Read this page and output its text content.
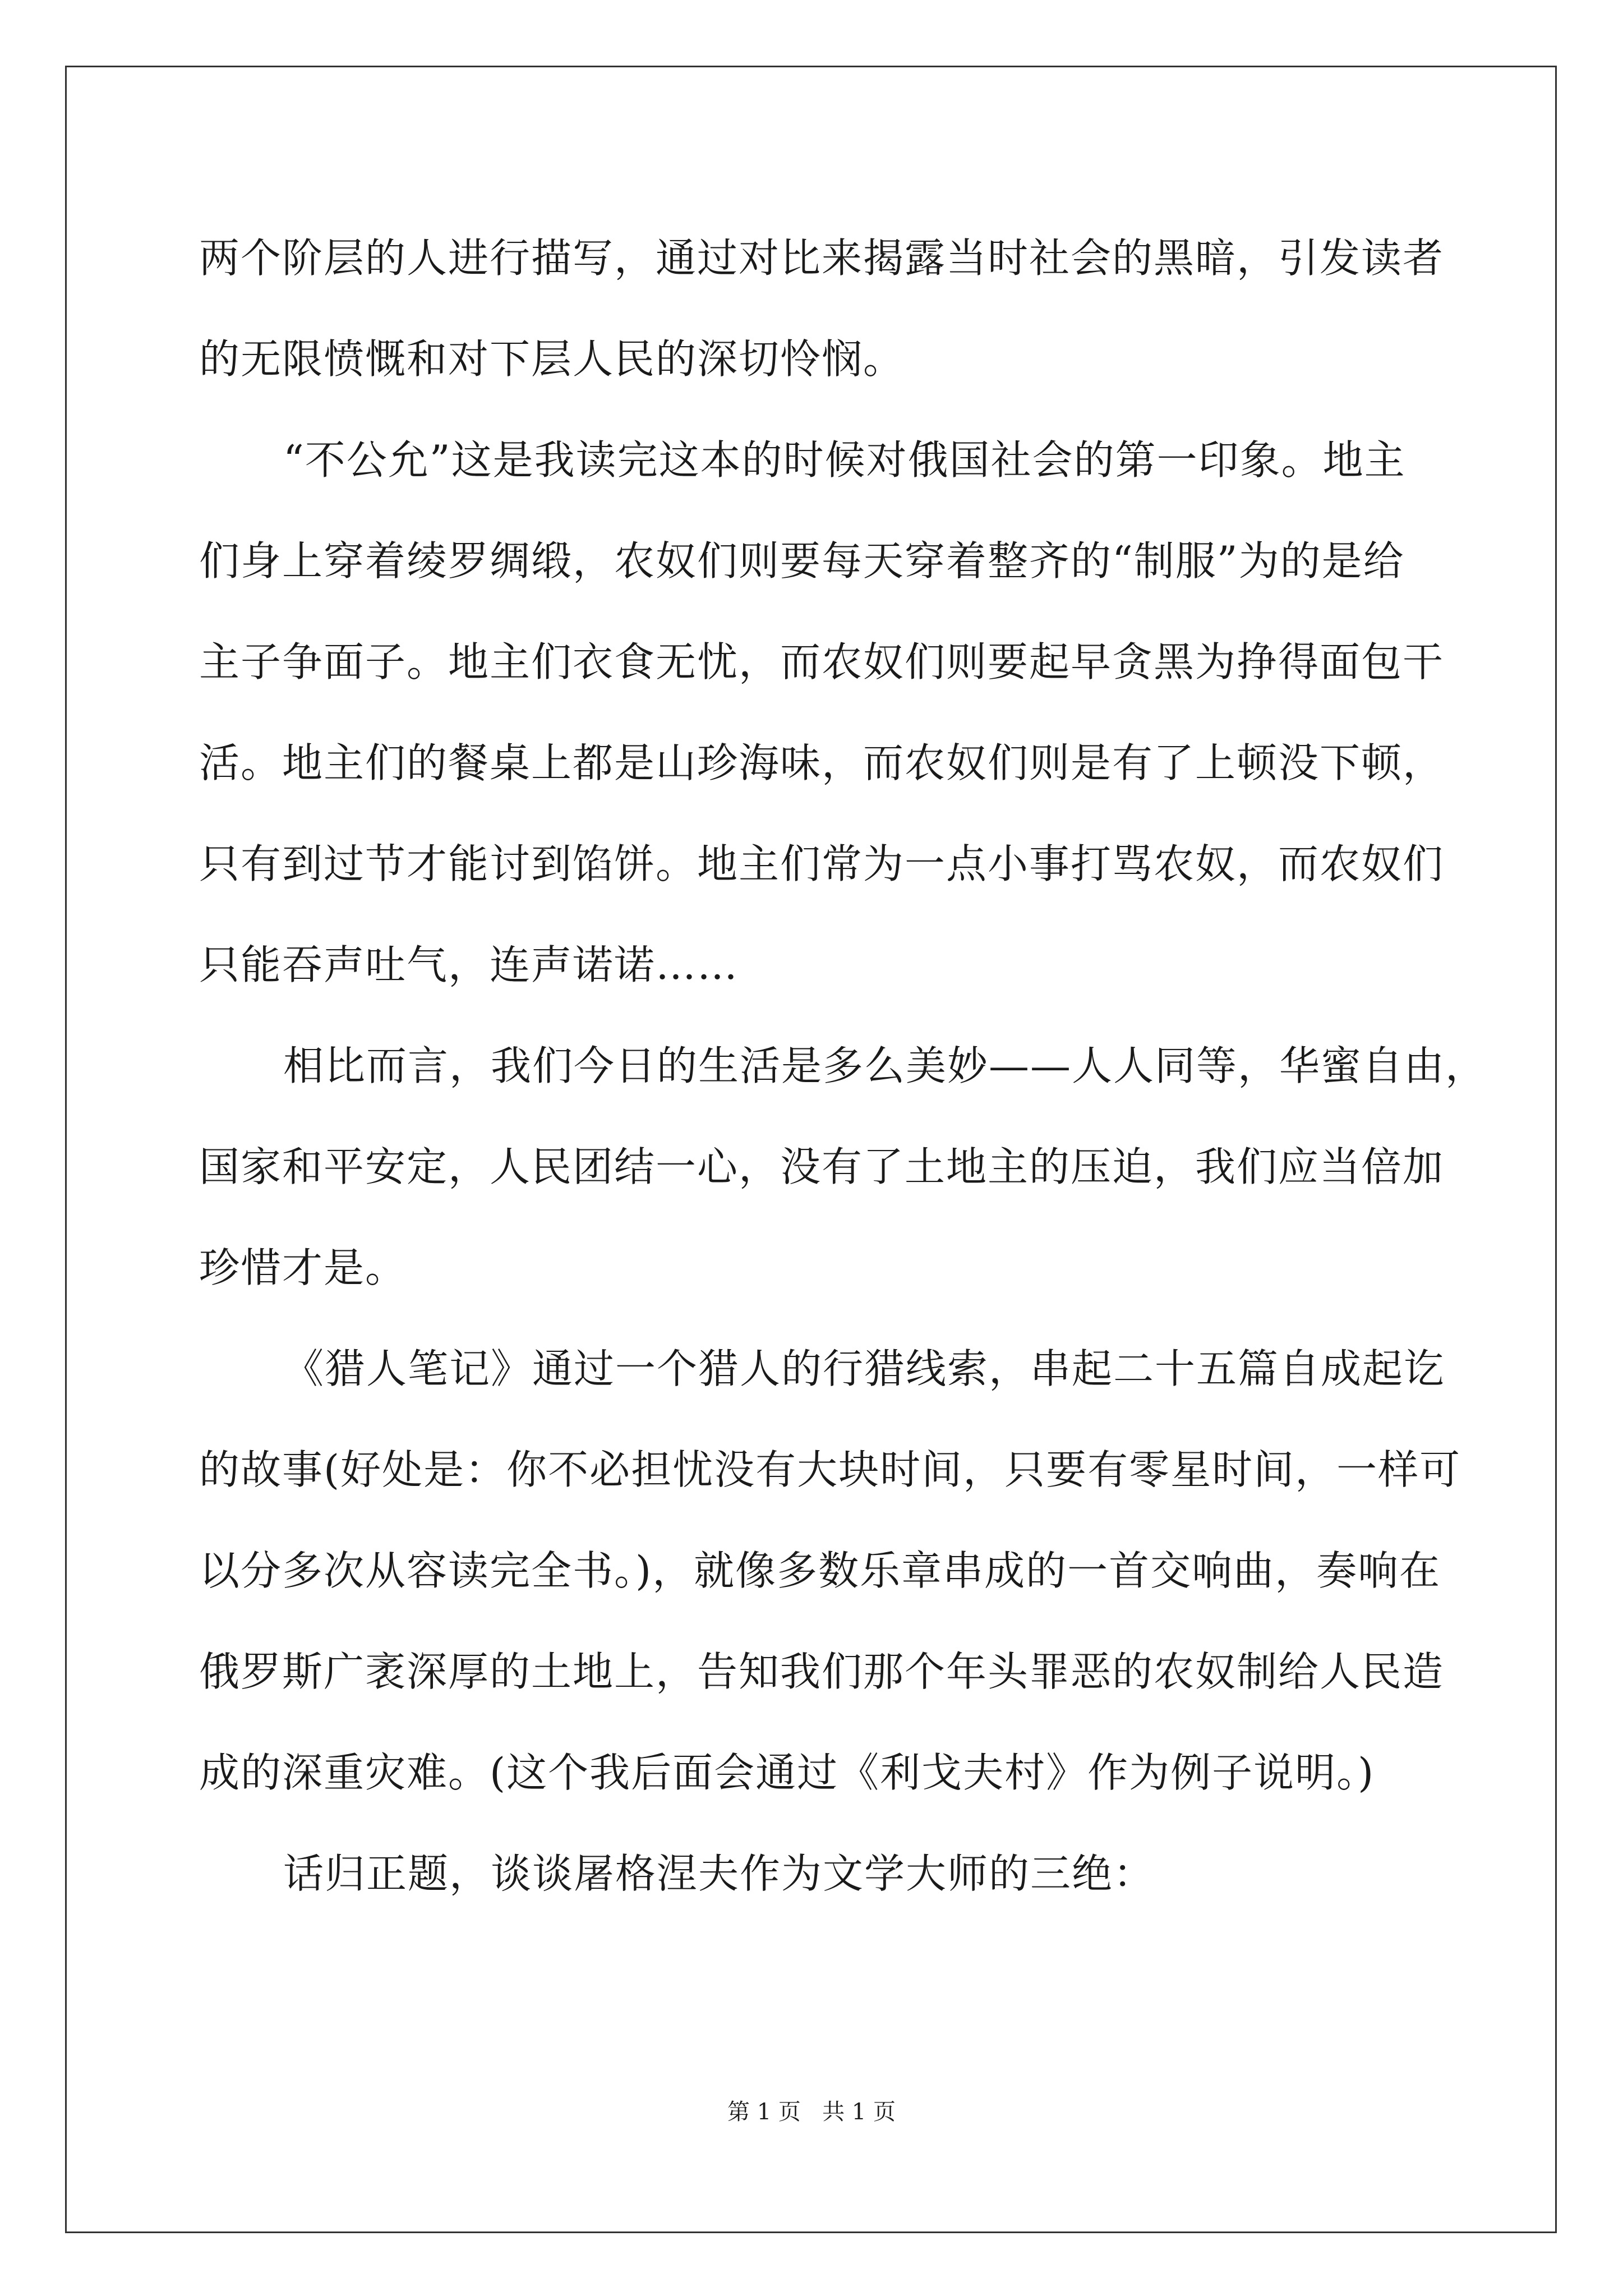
两个阶层的人进行描写，通过对比来揭露当时社会的黑暗，引发读者
的无限愤慨和对下层人民的深切怜悯。
“不公允”这是我读完这本的时候对俄国社会的第一印象。地主
们身上穿着绫罗绸缎，农奴们则要每天穿着整齐的“制服”为的是给
主子争面子。地主们衣食无忧，而农奴们则要起早贪黑为挣得面包干
活。地主们的餐桌上都是山珍海味，而农奴们则是有了上顿没下顿，
只有到过节才能讨到馅饼。地主们常为一点小事打骂农奴，而农奴们
只能吞声吐气，连声诺诺……
相比而言，我们今日的生活是多么美妙——人人同等，华蜜自由，
国家和平安定，人民团结一心，没有了土地主的压迫，我们应当倍加
珍惜才是。
《猎人笔记》通过一个猎人的行猎线索，串起二十五篇自成起讫
的故事(好处是：你不必担忧没有大块时间，只要有零星时间，一样可
以分多次从容读完全书。)，就像多数乐章串成的一首交响曲，奏响在
俄罗斯广袤深厚的土地上，告知我们那个年头罪恶的农奴制给人民造
成的深重灾难。(这个我后面会通过《利戈夫村》作为例子说明。)
话归正题，谈谈屠格涅夫作为文学大师的三绝：
第 1 页   共 1 页
